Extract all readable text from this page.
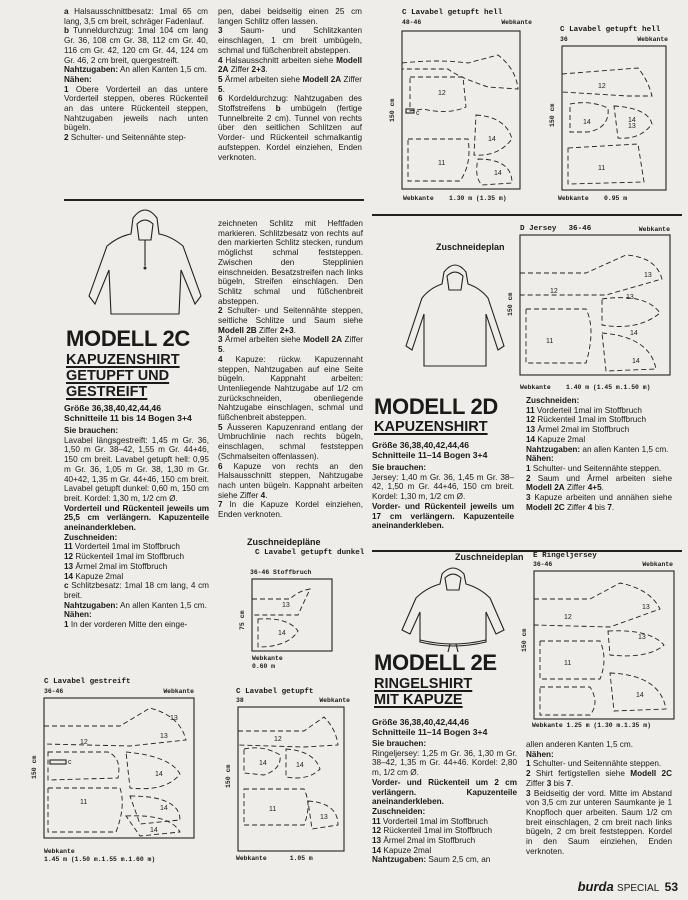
a Halsausschnittbesatz: 1mal 65 cm lang, 3,5 cm breit, schräger Fadenlauf.
b Tunneldurchzug: 1mal 104 cm lang Gr. 36, 108 cm Gr. 38, 112 cm Gr. 40, 116 cm Gr. 42, 120 cm Gr. 44, 124 cm Gr. 46, 2 cm breit, quergestreift.
Nahtzugaben: An allen Kanten 1,5 cm.
Nähen:
1 Obere Vorderteil an das untere Vorderteil steppen, oberes Rückenteil an das untere Rückenteil steppen, Nahtzugaben jeweils nach unten bügeln.
2 Schulter- und Seitennähte step-
pen, dabei beidseitig einen 25 cm langen Schlitz offen lassen.
3 Saum- und Schlitzkanten einschlagen, 1 cm breit umbügeln, schmal und füßchenbreit absteppen.
4 Halsausschnitt arbeiten siehe Modell 2A Ziffer 2+3.
5 Ärmel arbeiten siehe Modell 2A Ziffer 5.
6 Kordeldurchzug: Nahtzugaben des Stoffstreifens b umbügeln (fertige Tunnelbreite 2 cm). Tunnel von rechts über den seitlichen Schlitzen auf Vorder- und Rückenteil schmalkantig aufsteppen. Kordel einziehen, Enden verknoten.
C Lavabel getupft hell
48-46	Webkante
c
12
14
11
14
150 cm
Webkante 1.30 m (1.35 m)
C Lavabel getupft hell
36	Webkante
12
14	14
13
11
150 cm
Webkante 0.95 m
MODELL 2C
KAPUZENSHIRT
GETUPFT UND
GESTREIFT
Größe 36,38,40,42,44,46
Schnitteile 11 bis 14 Bogen 3+4
Sie brauchen:
Lavabel längsgestreift: 1,45 m Gr. 36, 1,50 m Gr. 38–42, 1,55 m Gr. 44+46, 150 cm breit. Lavabel getupft hell: 0,95 m Gr. 36, 1,05 m Gr. 38, 1,30 m Gr. 40+42, 1,35 m Gr. 44+46, 150 cm breit. Lavabel getupft dunkel: 0,60 m, 150 cm breit. Kordel: 1,30 m, 1/2 cm Ø.
Vorderteil und Rückenteil jeweils um 25,5 cm verlängern. Kapuzenteile aneinanderkleben.
Zuschneiden:
11 Vorderteil 1mal im Stoffbruch
12 Rückenteil 1mal im Stoffbruch
13 Ärmel 2mal im Stoffbruch
14 Kapuze 2mal
c Schlitzbesatz: 1mal 18 cm lang, 4 cm breit.
Nahtzugaben: An allen Kanten 1,5 cm.
Nähen:
1 In der vorderen Mitte den einge-
zeichneten Schlitz mit Heftfaden markieren. Schlitzbesatz von rechts auf den markierten Schlitz stecken, rundum möglichst schmal feststeppen. Zwischen den Stepplinien einschneiden. Besatzstreifen nach links bügeln, Streifen einschlagen. Den Schlitz schmal und füßchenbreit absteppen.
2 Schulter- und Seitennähte steppen, seitliche Schlitze und Saum siehe Modell 2B Ziffer 2+3.
3 Ärmel arbeiten siehe Modell 2A Ziffer 5.
4 Kapuze: rückw. Kapuzennaht steppen, Nahtzugaben auf eine Seite bügeln. Kappnaht arbeiten: Untenliegende Nahtzugabe auf 1/2 cm zurückschneiden, obenliegende Nahtzugabe einschlagen, schmal und füßchenbreit absteppen.
5 Äusseren Kapuzenrand entlang der Umbruchlinie nach rechts bügeln, einschlagen, schmal feststeppen (Schmalseiten offenlassen).
6 Kapuze von rechts an den Halsausschnitt steppen, Nahtzugabe nach unten bügeln. Kappnaht arbeiten siehe Ziffer 4.
7 In die Kapuze Kordel einziehen, Enden verknoten.
Zuschneidepläne
C Lavabel getupft dunkel
36-46 Stoffbruch
13
14
75 cm
Webkante
0.60 m
C Lavabel gestreift
36-46	Webkante
c
13
12
13
14
11
14
14
150 cm
Webkante
1.45 m (1.50 m.1.55 m.1.60 m)
C Lavabel getupft
38	Webkante
12
14	14
11
13
150 cm
Webkante	1.05 m
Zuschneideplan
D Jersey 36-46	Webkante
12
13
13
11
14
14
150 cm
Webkante 1.40 m (1.45 m.1.50 m)
MODELL 2D
KAPUZENSHIRT
Größe 36,38,40,42,44,46
Schnitteile 11–14 Bogen 3+4
Sie brauchen:
Jersey: 1,40 m Gr. 36, 1,45 m Gr. 38–42, 1,50 m Gr. 44+46, 150 cm breit. Kordel: 1,30 m, 1/2 cm Ø.
Vorder- und Rückenteil jeweils um 17 cm verlängern. Kapuzenteile aneinanderkleben.
Zuschneiden:
11 Vorderteil 1mal im Stoffbruch
12 Rückenteil 1mal im Stoffbruch
13 Ärmel 2mal im Stoffbruch
14 Kapuze 2mal
Nahtzugaben: an allen Kanten 1,5 cm.
Nähen:
1 Schulter- und Seitennähte steppen.
2 Saum und Ärmel arbeiten siehe Modell 2A Ziffer 4+5.
3 Kapuze arbeiten und annähen siehe Modell 2C Ziffer 4 bis 7.
Zuschneideplan E Ringeljersey
36-46	Webkante
12
13
13
11
14
150 cm
Webkante 1.25 m (1.30 m.1.35 m)
MODELL 2E
RINGELSHIRT
MIT KAPUZE
Größe 36,38,40,42,44,46
Schnitteile 11–14 Bogen 3+4
Sie brauchen:
Ringeljersey: 1,25 m Gr. 36, 1,30 m Gr. 38–42, 1,35 m Gr. 44+46. Kordel: 2,80 m, 1/2 cm Ø.
Vorder- und Rückenteil um 2 cm verlängern. Kapuzenteile aneinanderkleben.
Zuschneiden:
11 Vorderteil 1mal im Stoffbruch
12 Rückenteil 1mal im Stoffbruch
13 Ärmel 2mal im Stoffbruch
14 Kapuze 2mal
Nahtzugaben: Saum 2,5 cm, an
allen anderen Kanten 1,5 cm.
Nähen:
1 Schulter- und Seitennähte steppen.
2 Shirt fertigstellen siehe Modell 2C Ziffer 3 bis 7.
3 Beidseitig der vord. Mitte im Abstand von 3,5 cm zur unteren Saumkante je 1 Knopfloch quer arbeiten. Saum 1/2 cm breit einschlagen, 2 cm breit nach links bügeln, 2 cm breit feststeppen. Kordel in den Saum einziehen, Enden verknoten.
burda SPECIAL 53
